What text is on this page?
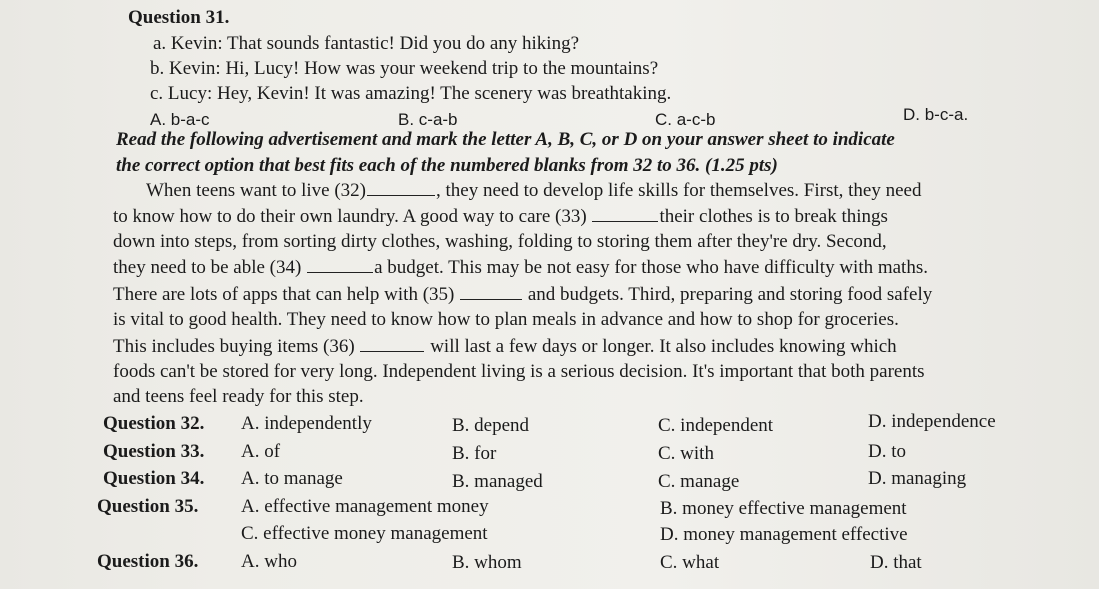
Question 31.
a. Kevin: That sounds fantastic! Did you do any hiking?
b. Kevin: Hi, Lucy! How was your weekend trip to the mountains?
c. Lucy: Hey, Kevin! It was amazing! The scenery was breathtaking.
A. b-a-c	B. c-a-b	C. a-c-b	D. b-c-a.
Read the following advertisement and mark the letter A, B, C, or D on your answer sheet to indicate
the correct option that best fits each of the numbered blanks from 32 to 36. (1.25 pts)
When teens want to live (32)	, they need to develop life skills for themselves. First, they need
to know how to do their own laundry. A good way to care (33)	their clothes is to break things
down into steps, from sorting dirty clothes, washing, folding to storing them after they're dry. Second,
they need to be able (34)	a budget. This may be not easy for those who have difficulty with maths.
There are lots of apps that can help with (35)	and budgets. Third, preparing and storing food safely
is vital to good health. They need to know how to plan meals in advance and how to shop for groceries.
This includes buying items (36)	will last a few days or longer. It also includes knowing which
foods can't be stored for very long. Independent living is a serious decision. It's important that both parents
and teens feel ready for this step.
Question 32. A. independently	B. depend	C. independent	D. independence
Question 33. A. of	B. for	C. with	D. to
Question 34. A. to manage	B. managed	C. manage	D. managing
Question 35. A. effective management money	B. money effective management
C. effective money management	D. money management effective
Question 36. A. who	B. whom	C. what	D. that
